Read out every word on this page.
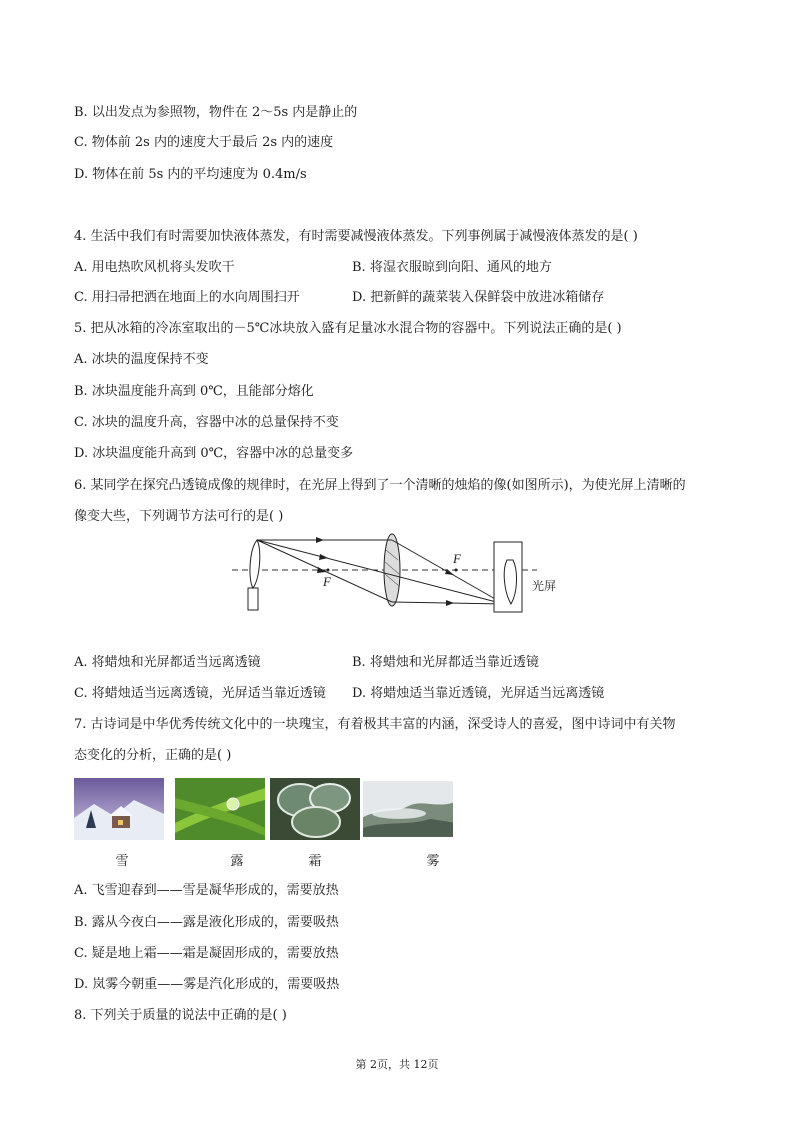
B. 以出发点为参照物，物件在 2～5s 内是静止的
C. 物体前 2s 内的速度大于最后 2s 内的速度
D. 物体在前 5s 内的平均速度为 0.4m/s
4. 生活中我们有时需要加快液体蒸发，有时需要减慢液体蒸发。下列事例属于减慢液体蒸发的是( )
A. 用电热吹风机将头发吹干	B. 将湿衣服晾到向阳、通风的地方
C. 用扫帚把洒在地面上的水向周围扫开	D. 把新鲜的蔬菜装入保鲜袋中放进冰箱储存
5. 把从冰箱的冷冻室取出的－5℃冰块放入盛有足量冰水混合物的容器中。下列说法正确的是( )
A. 冰块的温度保持不变
B. 冰块温度能升高到 0℃，且能部分熔化
C. 冰块的温度升高，容器中冰的总量保持不变
D. 冰块温度能升高到 0℃，容器中冰的总量变多
6. 某同学在探究凸透镜成像的规律时，在光屏上得到了一个清晰的烛焰的像(如图所示)，为使光屏上清晰的
像变大些，下列调节方法可行的是( )
F
F
光屏
A. 将蜡烛和光屏都适当远离透镜	B. 将蜡烛和光屏都适当靠近透镜
C. 将蜡烛适当远离透镜，光屏适当靠近透镜 D. 将蜡烛适当靠近透镜，光屏适当远离透镜
7. 古诗词是中华优秀传统文化中的一块瑰宝，有着极其丰富的内涵，深受诗人的喜爱，图中诗词中有关物
态变化的分析，正确的是( )
雪	露	霜	雾
A. 飞雪迎春到——雪是凝华形成的，需要放热
B. 露从今夜白——露是液化形成的，需要吸热
C. 疑是地上霜——霜是凝固形成的，需要放热
D. 岚雾今朝重——雾是汽化形成的，需要吸热
8. 下列关于质量的说法中正确的是( )
第 2页，共 12页
